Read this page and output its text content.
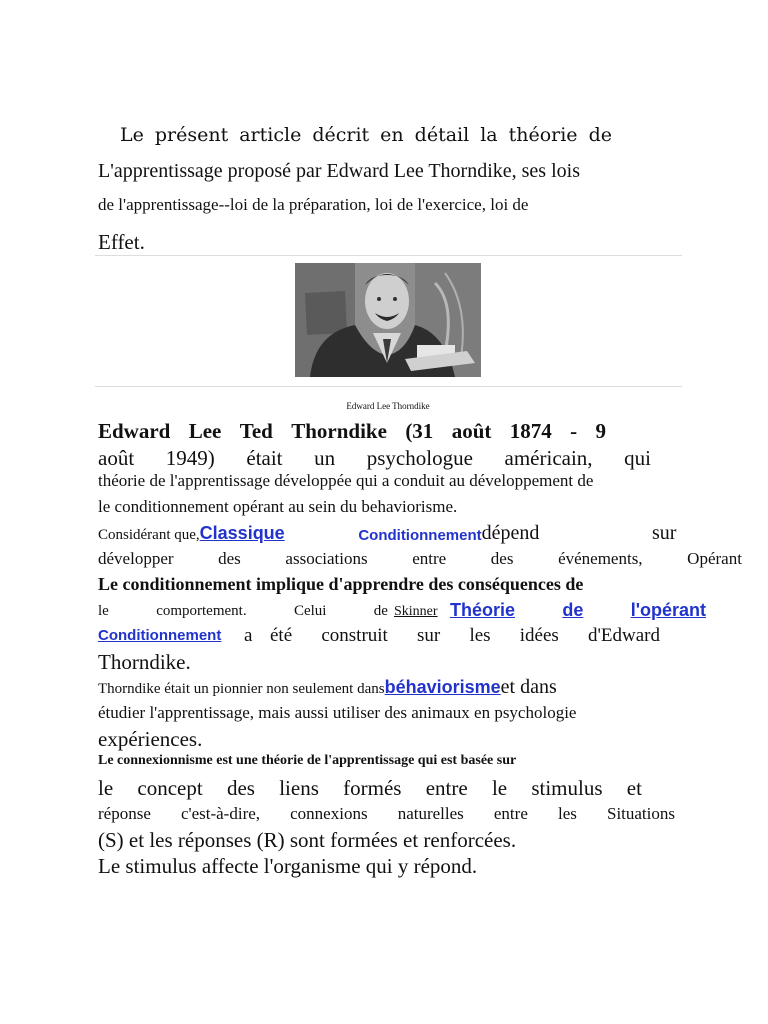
Le présent article décrit en détail la théorie de
L'apprentissage proposé par Edward Lee Thorndike, ses lois
de l'apprentissage--loi de la préparation, loi de l'exercice, loi de
Effet.
Edward Lee Thorndike
Edward Lee Ted Thorndike (31 août 1874 - 9
août 1949) était un psychologue américain, qui
théorie de l'apprentissage développée qui a conduit au développement de
le conditionnement opérant au sein du behaviorisme.
Considérant que,Classique	Conditionnement dépend	sur
développer	des	associations	entre	des	événements,	Opérant
Le conditionnement implique d'apprendre des conséquences de
le	comportement.	Celui	de Skinner Théorie	de	l'opérant
Conditionnement a été construit sur les idées d'Edward
Thorndike.
Thorndike était un pionnier non seulement dansbéhaviorismeet dans
étudier l'apprentissage, mais aussi utiliser des animaux en psychologie
expériences.
Le connexionnisme est une théorie de l'apprentissage qui est basée sur
le concept des liens formés entre le stimulus et
réponse c'est-à-dire, connexions naturelles entre les Situations
(S) et les réponses (R) sont formées et renforcées.
Le stimulus affecte l'organisme qui y répond.
